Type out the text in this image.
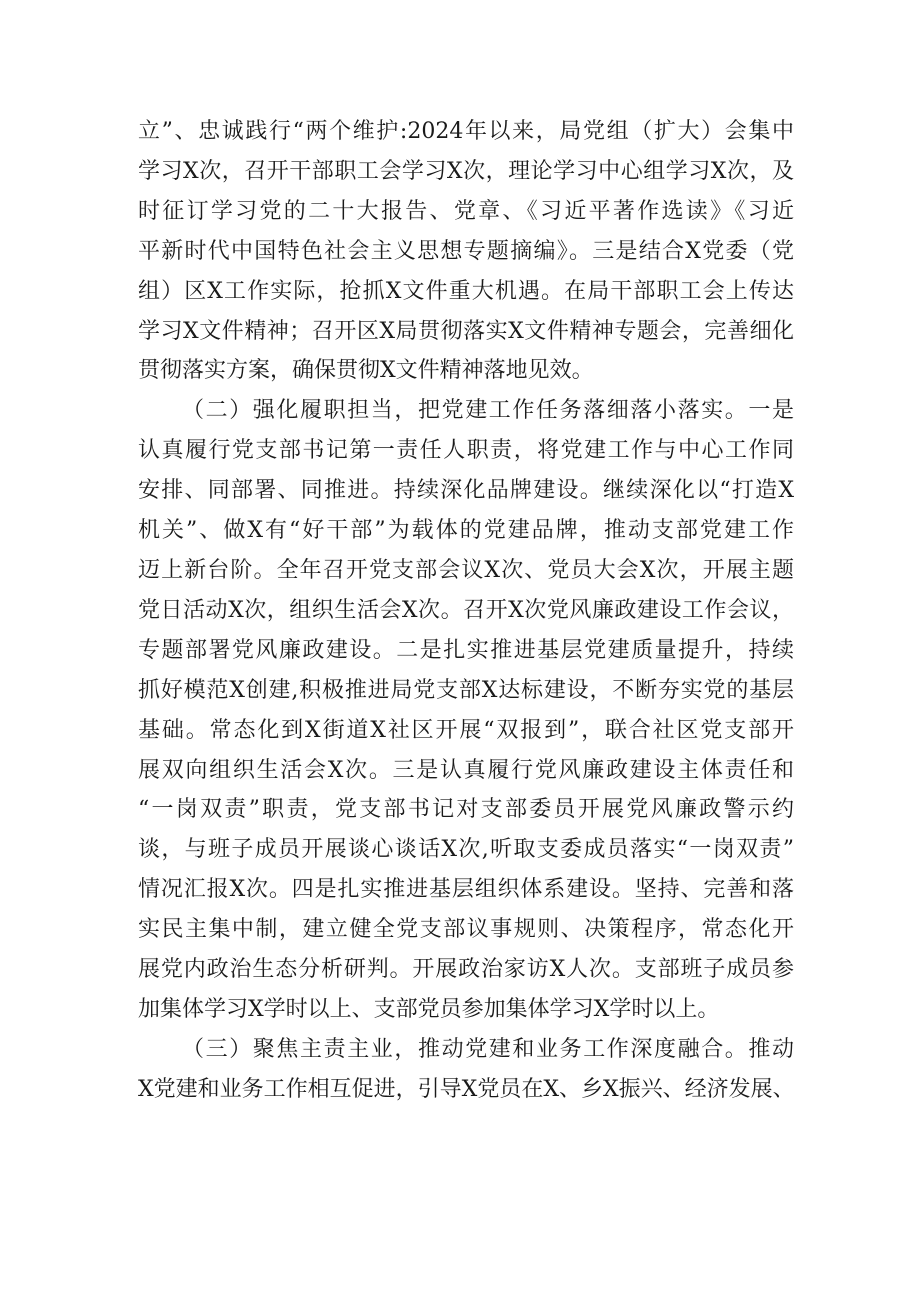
立”、忠诚践行“两个维护:2024年以来，局党组（扩大）会集中
学习X次，召开干部职工会学习X次，理论学习中心组学习X次，及
时征订学习党的二十大报告、党章、《习近平著作选读》《习近
平新时代中国特色社会主义思想专题摘编》。三是结合X党委（党
组）区X工作实际，抢抓X文件重大机遇。在局干部职工会上传达
学习X文件精神；召开区X局贯彻落实X文件精神专题会，完善细化
贯彻落实方案，确保贯彻X文件精神落地见效。

（二）强化履职担当，把党建工作任务落细落小落实。一是
认真履行党支部书记第一责任人职责，将党建工作与中心工作同
安排、同部署、同推进。持续深化品牌建设。继续深化以“打造X
机关”、做X有“好干部”为载体的党建品牌，推动支部党建工作
迈上新台阶。全年召开党支部会议X次、党员大会X次，开展主题
党日活动X次，组织生活会X次。召开X次党风廉政建设工作会议，
专题部署党风廉政建设。二是扎实推进基层党建质量提升，持续
抓好模范X创建,积极推进局党支部X达标建设，不断夯实党的基层
基础。常态化到X街道X社区开展“双报到”，联合社区党支部开
展双向组织生活会X次。三是认真履行党风廉政建设主体责任和
“一岗双责”职责，党支部书记对支部委员开展党风廉政警示约
谈，与班子成员开展谈心谈话X次,听取支委成员落实“一岗双责”
情况汇报X次。四是扎实推进基层组织体系建设。坚持、完善和落
实民主集中制，建立健全党支部议事规则、决策程序，常态化开
展党内政治生态分析研判。开展政治家访X人次。支部班子成员参
加集体学习X学时以上、支部党员参加集体学习X学时以上。

（三）聚焦主责主业，推动党建和业务工作深度融合。推动
X党建和业务工作相互促进，引导X党员在X、乡X振兴、经济发展、
